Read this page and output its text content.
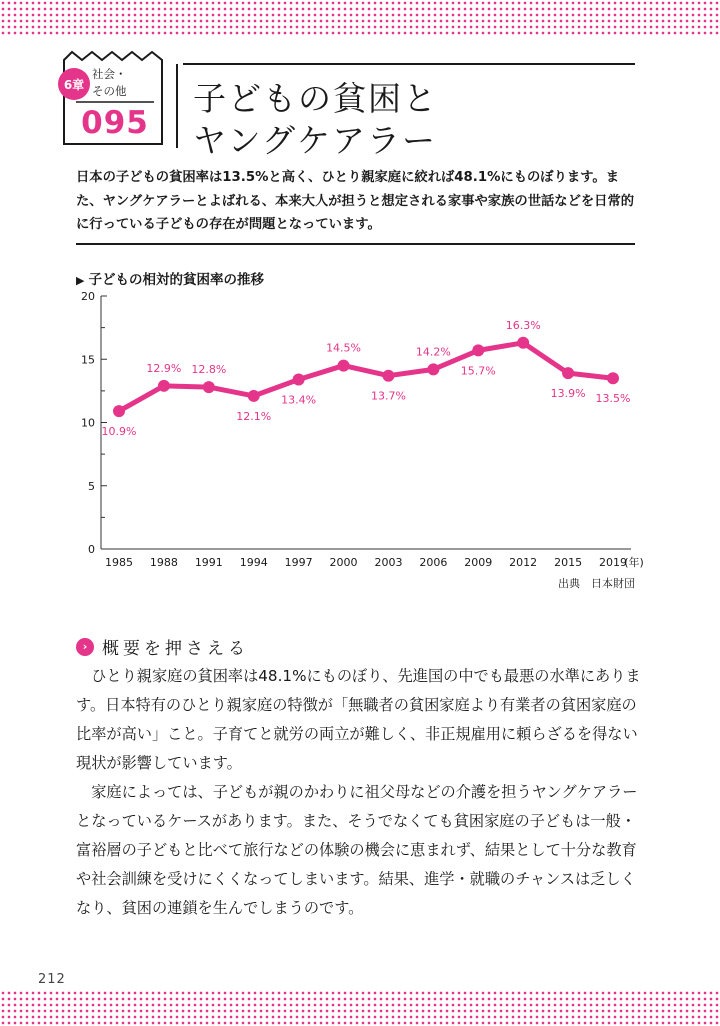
6章
社会・
その他
095
子どもの貧困と
ヤングケアラー
日本の子どもの貧困率は13.5%と高く、ひとり親家庭に絞れば48.1%にものぼります。また、ヤングケアラーとよばれる、本来大人が担うと想定される家事や家族の世話などを日常的に行っている子どもの存在が問題となっています。
▶ 子どもの相対的貧困率の推移
0
5
10
15
20
1985 1988 1991 1994 1997 2000 2003 2006 2009 2012 2015 2019
(年)
10.9%
12.9% 12.8%
12.1%
13.4%
14.5%
13.7%
14.2%
15.7%
16.3%
13.9% 13.5%
出典　日本財団
› 概要を押さえる

ひとり親家庭の貧困率は48.1%にものぼり、先進国の中でも最悪の水準にあります。日本特有のひとり親家庭の特徴が「無職者の貧困家庭より有業者の貧困家庭の比率が高い」こと。子育てと就労の両立が難しく、非正規雇用に頼らざるを得ない現状が影響しています。

家庭によっては、子どもが親のかわりに祖父母などの介護を担うヤングケアラーとなっているケースがあります。また、そうでなくても貧困家庭の子どもは一般・富裕層の子どもと比べて旅行などの体験の機会に恵まれず、結果として十分な教育や社会訓練を受けにくくなってしまいます。結果、進学・就職のチャンスは乏しくなり、貧困の連鎖を生んでしまうのです。

212
